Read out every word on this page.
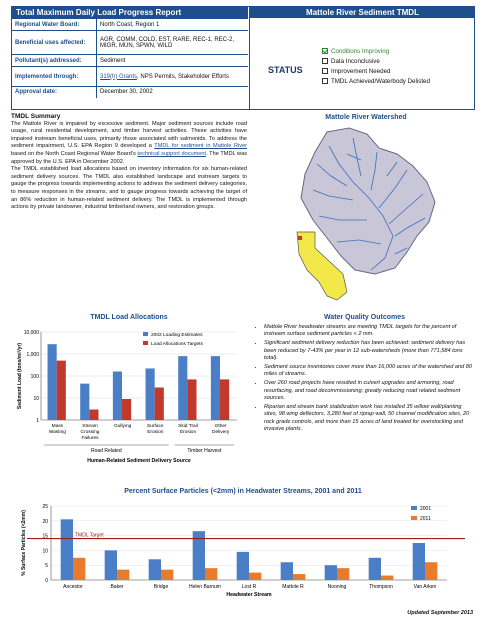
Total Maximum Daily Load Progress Report
Regional Water Board:	North Coast, Region 1
Beneficial uses affected:	AGR, COMM, COLD, EST, RARE, REC-1, REC-2, MIGR, MUN, SPWN, WILD
Pollutant(s) addressed:	Sediment
Implemented through:	319(h) Grants, NPS Permits, Stakeholder Efforts
Approval date:	December 30, 2002
Mattole River Sediment TMDL
STATUS
Conditions Improving
Data Inconclusive
Improvement Needed
TMDL Achieved/Waterbody Delisted
TMDL Summary

The Mattole River is impaired by excessive sediment. Major sediment sources include road usage, rural residential development, and timber harvest activities. These activities have impaired instream beneficial uses, primarily those associated with salmonids. To address the sediment impairment, U.S. EPA Region 9 developed a TMDL for sediment in Mattole River based on the North Coast Regional Water Board's technical support document. The TMDL was approved by the U.S. EPA in December 2002.

The TMDL established load allocations based on inventory information for six human-related sediment delivery sources. The TMDL also established landscape and instream targets to gauge the progress towards implementing actions to address the sediment delivery categories, to measure responses in the streams, and to gauge progress towards achieving the target of an 86% reduction in human-related sediment delivery. The TMDL is implemented through actions by private landowner, industrial timberland owners, and restoration groups.

Mattole River Watershed
TMDL Load Allocations
1
10
100
1,000
10,000
Mass
Wasting
Stream
Crossing
Failures
Gullying	Surface
Erosion
Skid Trail
Erosion
Other
Delivery
Road Related	Timber Harvest
Human-Related Sediment Delivery Source
Sediment Load (tons/mi²/yr)
2002 Loading Estimates
Load Allocations Targets
Water Quality Outcomes
• Mattole River headwater streams are meeting TMDL targets for the percent of instream surface sediment particles < 2 mm.
• Significant sediment delivery reduction has been achieved: sediment delivery has been reduced by 7-43% per year in 12 sub-watersheds (more than 771,584 tons total).
• Sediment source inventories cover more than 16,000 acres of the watershed and 80 miles of streams.
• Over 260 road projects have resulted in culvert upgrades and armoring, road resurfacing, and road decommissioning; greatly reducing road related sediment sources.
• Riparian and stream bank stabilization work has installed 35 willow wall/planting sites, 98 wing deflectors, 3,280 feet of riprap wall, 50 channel modification sites, 20 rock grade controls, and more than 15 acres of land treated for overstocking and invasive plants.
Percent Surface Particles (<2mm) in Headwater Streams, 2001 and 2011
0
5
10
15
20
25
Ancestor	Baker	Bridge	Helen Barnum	Lost R	Mattole R	Nooning	Thompson	Van Arken
TMDL Target
Headwater Stream
% Surface Particles (<2mm)
2001
2011
Updated September 2013
